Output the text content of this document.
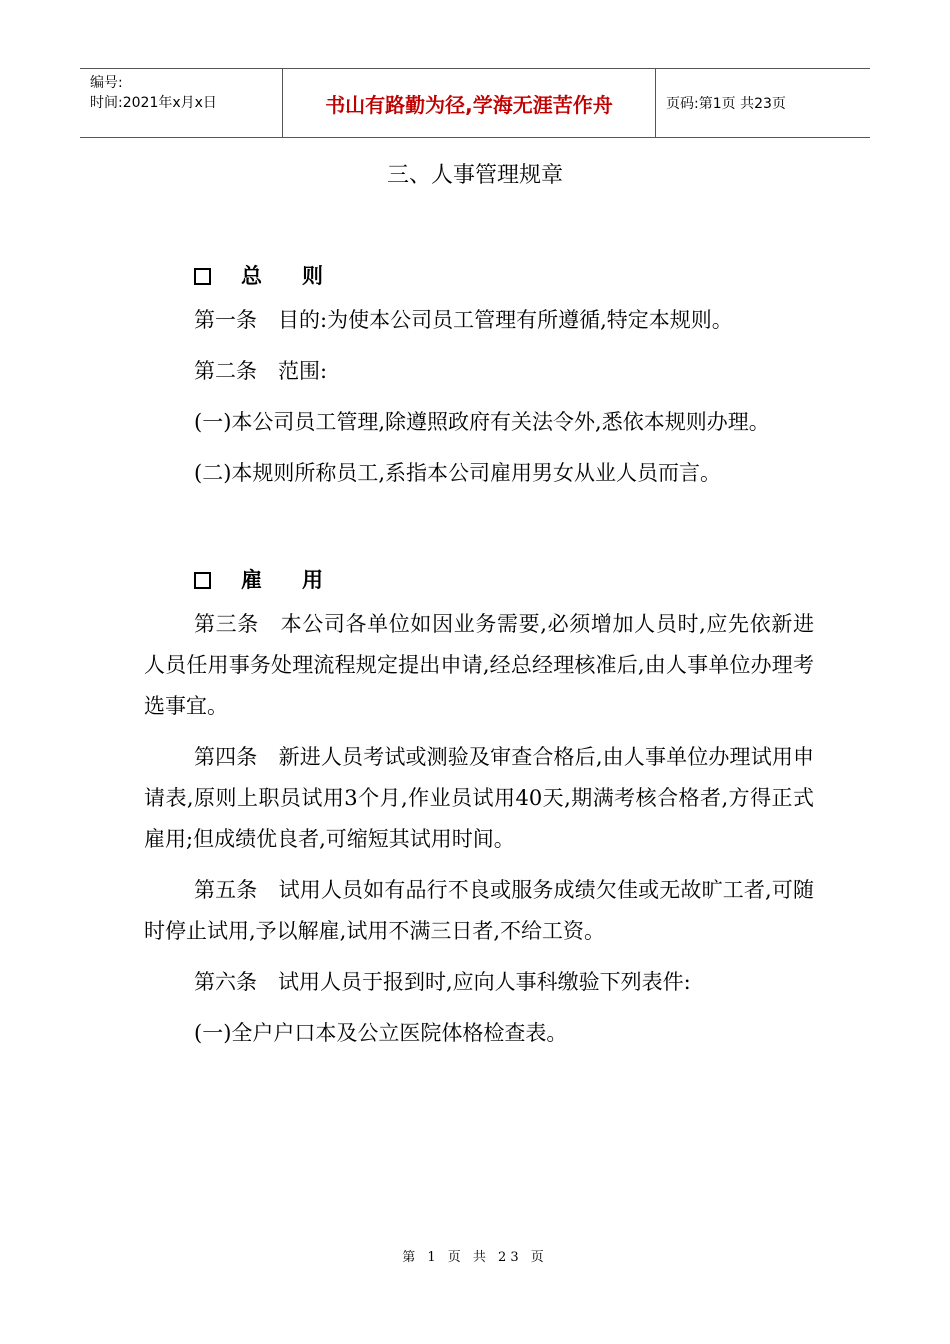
编号:
时间:2021年x月x日	书山有路勤为径,学海无涯苦作舟	页码:第1页 共23页
三、人事管理规章
总则

第一条　目的:为使本公司员工管理有所遵循,特定本规则。

第二条　范围:

(一)本公司员工管理,除遵照政府有关法令外,悉依本规则办理。

(二)本规则所称员工,系指本公司雇用男女从业人员而言。

雇用

第三条　本公司各单位如因业务需要,必须增加人员时,应先依新进人员任用事务处理流程规定提出申请,经总经理核准后,由人事单位办理考选事宜。

第四条　新进人员考试或测验及审查合格后,由人事单位办理试用申请表,原则上职员试用3个月,作业员试用40天,期满考核合格者,方得正式雇用;但成绩优良者,可缩短其试用时间。

第五条　试用人员如有品行不良或服务成绩欠佳或无故旷工者,可随时停止试用,予以解雇,试用不满三日者,不给工资。

第六条　试用人员于报到时,应向人事科缴验下列表件:

(一)全户户口本及公立医院体格检查表。

第 1 页 共 23 页
